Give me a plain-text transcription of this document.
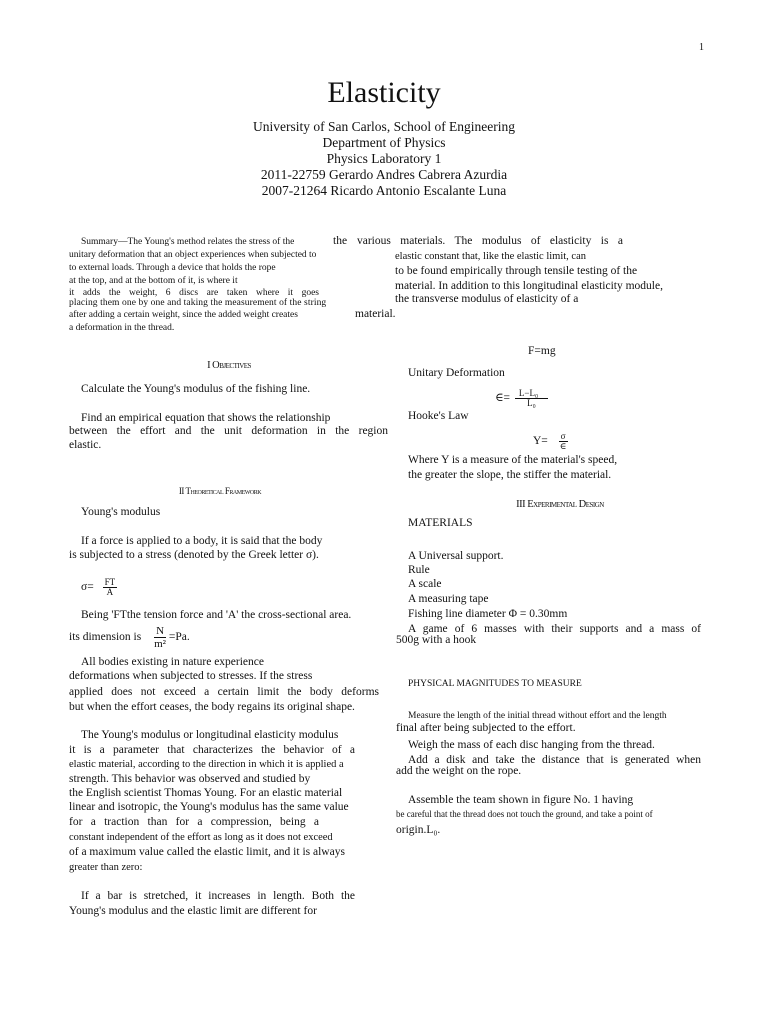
1
Elasticity
University of San Carlos, School of Engineering
Department of Physics
Physics Laboratory 1
2011-22759 Gerardo Andres Cabrera Azurdia
2007-21264 Ricardo Antonio Escalante Luna
Summary—The Young's method relates the stress of the	the
unitary deformation that an object experiences when subjected to
to external loads. Through a device that holds the rope
at the top, and at the bottom of it, is where it
it adds the weight, 6 discs are taken where it goes
placing them one by one and taking the measurement of the string
after adding a certain weight, since the added weight creates	material.
a deformation in the thread.
I Objectives
Calculate the Young's modulus of the fishing line.
Find an empirical equation that shows the relationship
between the effort and the unit deformation in the region
elastic.
II Theoretical Framework
Young's modulus
If a force is applied to a body, it is said that the body
is subjected to a stress (denoted by the Greek letter σ).
$\sigma= \frac{FT}{A}$
Being 'FTthe tension force and 'A' the cross-sectional area.
its dimension is $\frac{N}{\text{m²}} =Pa$.
All bodies existing in nature experience
deformations when subjected to stresses. If the stress
applied does not exceed a certain limit the body deforms
but when the effort ceases, the body regains its original shape.
The Young's modulus or longitudinal elasticity modulus
it is a parameter that characterizes the behavior of a
elastic material, according to the direction in which it is applied a
strength. This behavior was observed and studied by
the English scientist Thomas Young. For an elastic material
linear and isotropic, the Young's modulus has the same value
for a traction than for a compression, being a
constant independent of the effort as long as it does not exceed
of a maximum value called the elastic limit, and it is always
greater than zero:
If a bar is stretched, it increases in length. Both the
Young's modulus and the elastic limit are different for
various materials. The modulus of elasticity is a
elastic constant that, like the elastic limit, can
to be found empirically through tensile testing of the
material. In addition to this longitudinal elasticity module,
the transverse modulus of elasticity of a
F=mg
Unitary Deformation
∈= $\frac{\text{L−L₀}}{\text{L₀}}$
Hooke's Law
$Y= \frac{\sigma}{\in}$
Where Y is a measure of the material's speed,
the greater the slope, the stiffer the material.
III Experimental Design
MATERIALS
A Universal support.
Rule
A scale
A measuring tape
Fishing line diameter Φ = 0.30mm
A game of 6 masses with their supports and a mass of
500g with a hook
PHYSICAL MAGNITUDES TO MEASURE
Measure the length of the initial thread without effort and the length
final after being subjected to the effort.
Weigh the mass of each disc hanging from the thread.
Add a disk and take the distance that is generated when
add the weight on the rope.
Assemble the team shown in figure No. 1 having
be careful that the thread does not touch the ground, and take a point of
origin.L₀.
